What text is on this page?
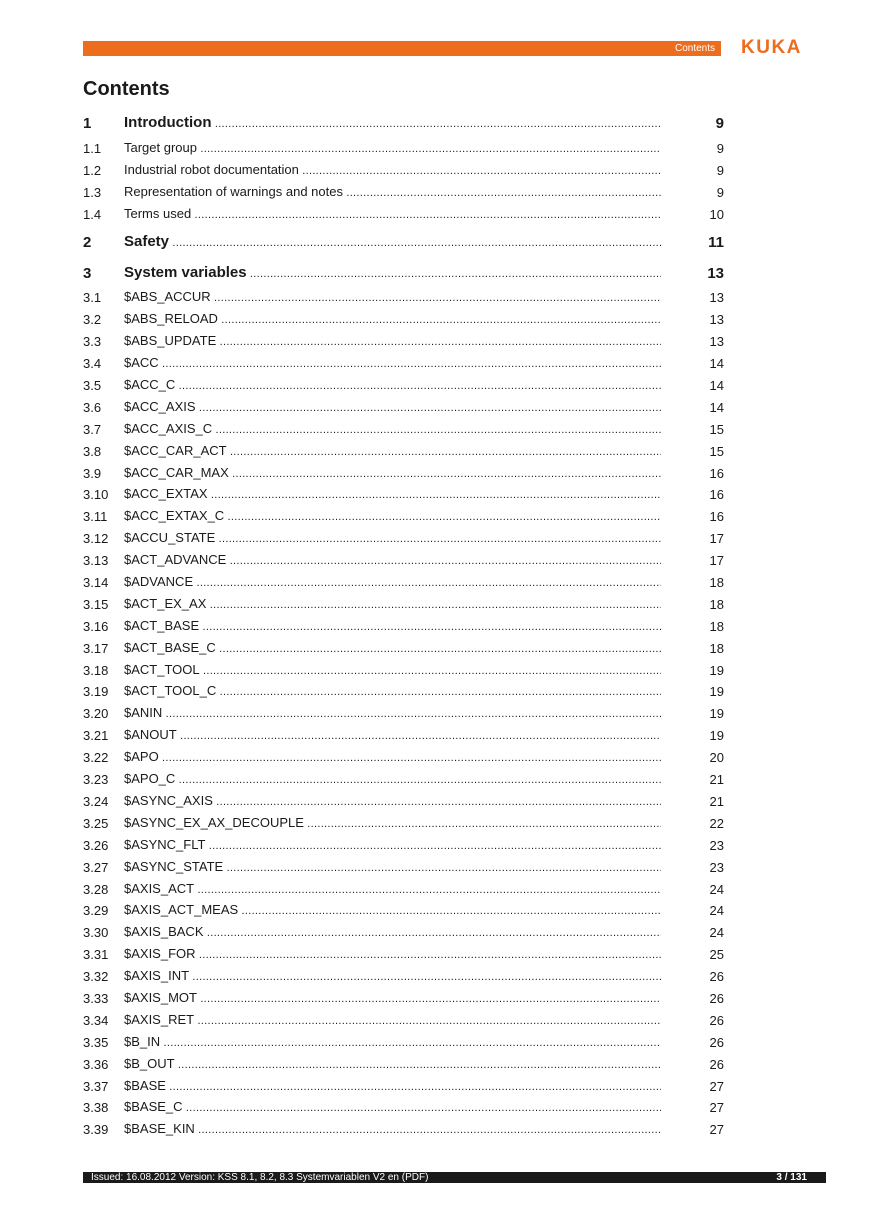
Contents KUKA
Contents
1 Introduction .....	9
1.1 Target group .....	9
1.2 Industrial robot documentation .....	9
1.3 Representation of warnings and notes .....	9
1.4 Terms used .....	10
2 Safety .....	11
3 System variables .....	13
3.1 $ABS_ACCUR .....	13
3.2 $ABS_RELOAD .....	13
3.3 $ABS_UPDATE .....	13
3.4 $ACC .....	14
3.5 $ACC_C .....	14
3.6 $ACC_AXIS .....	14
3.7 $ACC_AXIS_C .....	15
3.8 $ACC_CAR_ACT .....	15
3.9 $ACC_CAR_MAX .....	16
3.10 $ACC_EXTAX .....	16
3.11 $ACC_EXTAX_C .....	16
3.12 $ACCU_STATE .....	17
3.13 $ACT_ADVANCE .....	17
3.14 $ADVANCE .....	18
3.15 $ACT_EX_AX .....	18
3.16 $ACT_BASE .....	18
3.17 $ACT_BASE_C .....	18
3.18 $ACT_TOOL .....	19
3.19 $ACT_TOOL_C .....	19
3.20 $ANIN .....	19
3.21 $ANOUT .....	19
3.22 $APO .....	20
3.23 $APO_C .....	21
3.24 $ASYNC_AXIS .....	21
3.25 $ASYNC_EX_AX_DECOUPLE .....	22
3.26 $ASYNC_FLT .....	23
3.27 $ASYNC_STATE .....	23
3.28 $AXIS_ACT .....	24
3.29 $AXIS_ACT_MEAS .....	24
3.30 $AXIS_BACK .....	24
3.31 $AXIS_FOR .....	25
3.32 $AXIS_INT .....	26
3.33 $AXIS_MOT .....	26
3.34 $AXIS_RET .....	26
3.35 $B_IN .....	26
3.36 $B_OUT .....	26
3.37 $BASE .....	27
3.38 $BASE_C .....	27
3.39 $BASE_KIN .....	27
Issued: 16.08.2012 Version: KSS 8.1, 8.2, 8.3 Systemvariablen V2 en (PDF)	3 / 131
